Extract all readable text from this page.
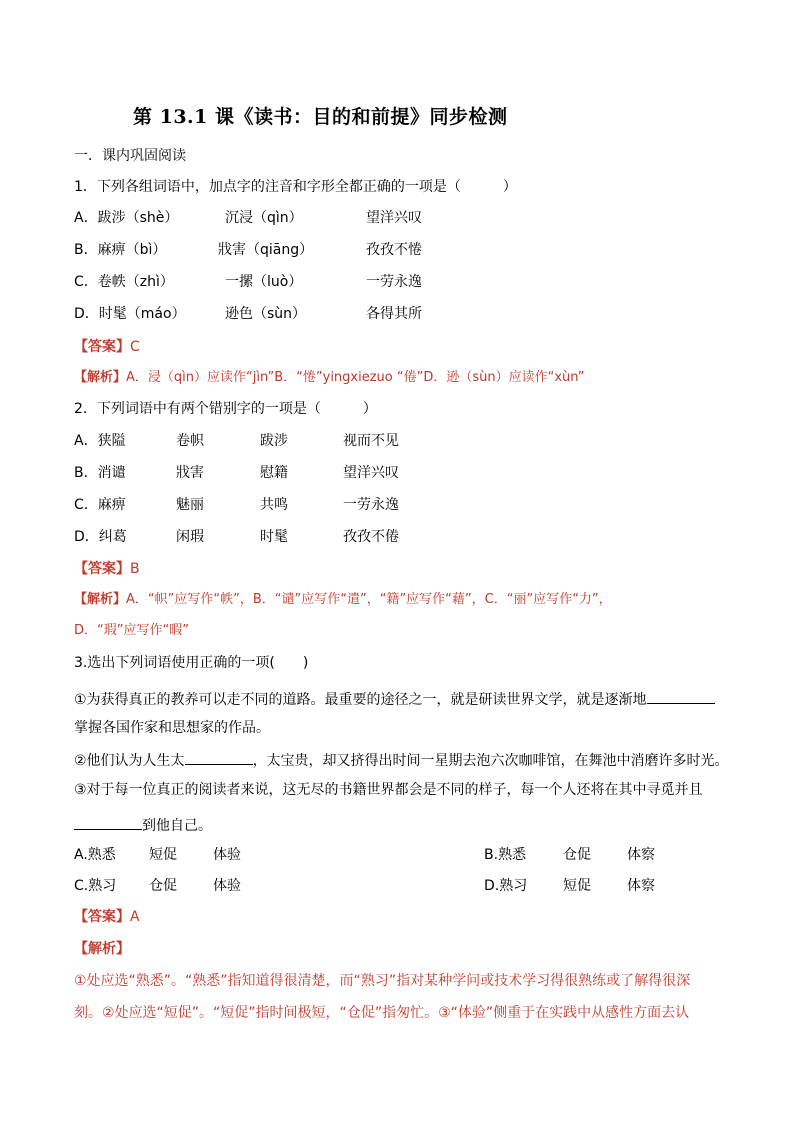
第 13.1 课《读书：目的和前提》同步检测
一．课内巩固阅读
1．下列各组词语中，加点字的注音和字形全都正确的一项是（　　　）
A．跋涉（shè）	沉浸（qìn）	望洋兴叹
B．麻痹（bì）	戕害（qiāng）	孜孜不惓
C．卷帙（zhì）	一摞（luò）	一劳永逸
D．时髦（máo）	逊色（sùn）	各得其所
【答案】C
【解析】A．浸（qìn）应读作“jìn”B．“惓”yingxiezuo “倦”D．逊（sùn）应读作“xùn”
2．下列词语中有两个错别字的一项是（　　　）
A．狭隘	卷帜	跋涉	视而不见
B．消谴	戕害	慰籍	望洋兴叹
C．麻痹	魅丽	共鸣	一劳永逸
D．纠葛	闲瑕	时髦	孜孜不倦
【答案】B
【解析】A．“帜”应写作“帙”，B．“谴”应写作“遣”，“籍”应写作“藉”，C．“丽”应写作“力”，
D．“瑕”应写作“暇”
3.选出下列词语使用正确的一项(　　)
①为获得真正的教养可以走不同的道路。最重要的途径之一，就是研读世界文学，就是逐渐地
掌握各国作家和思想家的作品。
②他们认为人生太	，太宝贵，却又挤得出时间一星期去泡六次咖啡馆，在舞池中消磨许多时光。
③对于每一位真正的阅读者来说，这无尽的书籍世界都会是不同的样子，每一个人还将在其中寻觅并且
到他自己。
A.熟悉 短促	体验	B.熟悉	仓促	体察
C.熟习 仓促	体验	D.熟习	短促	体察
【答案】A
【解析】
①处应选“熟悉”。“熟悉”指知道得很清楚，而“熟习”指对某种学问或技术学习得很熟练或了解得很深
刻。②处应选“短促”。“短促”指时间极短，“仓促”指匆忙。③“体验”侧重于在实践中从感性方面去认
